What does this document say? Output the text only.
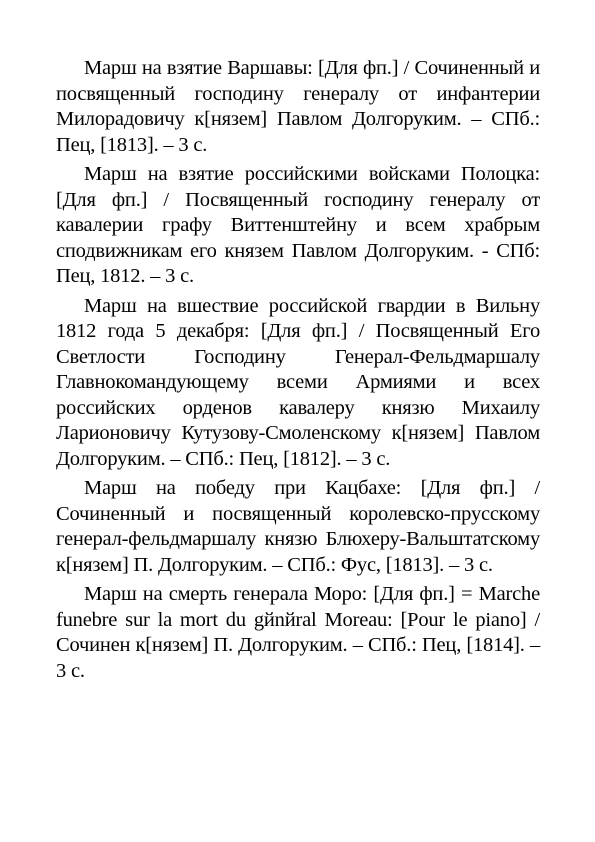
Марш на взятие Варшавы: [Для фп.] / Сочиненный и посвященный господину генералу от инфантерии Милорадовичу к[нязем] Павлом Долгоруким. – СПб.: Пец, [1813]. – 3 с.

Марш на взятие российскими войсками Полоцка: [Для фп.] / Посвященный господину генералу от кавалерии графу Виттенштейну и всем храбрым сподвижникам его князем Павлом Долгоруким. - СПб: Пец, 1812. – 3 с.

Марш на вшествие российской гвардии в Вильну 1812 года 5 декабря: [Для фп.] / Посвященный Его Светлости Господину Генерал-Фельдмаршалу Главнокомандующему всеми Армиями и всех российских орденов кавалеру князю Михаилу Ларионовичу Кутузову-Смоленскому к[нязем] Павлом Долгоруким. – СПб.: Пец, [1812]. – 3 с.

Марш на победу при Кацбахе: [Для фп.] / Сочиненный и посвященный королевско-прусскому генерал-фельдмаршалу князю Блюхеру-Вальштатскому к[нязем] П. Долгоруким. – СПб.: Фус, [1813]. – 3 с.

Марш на смерть генерала Моро: [Для фп.] = Marche funebre sur la mort du gйnйral Moreau: [Pour le piano] / Сочинен к[нязем] П. Долгоруким. – СПб.: Пец, [1814]. – 3 с.
